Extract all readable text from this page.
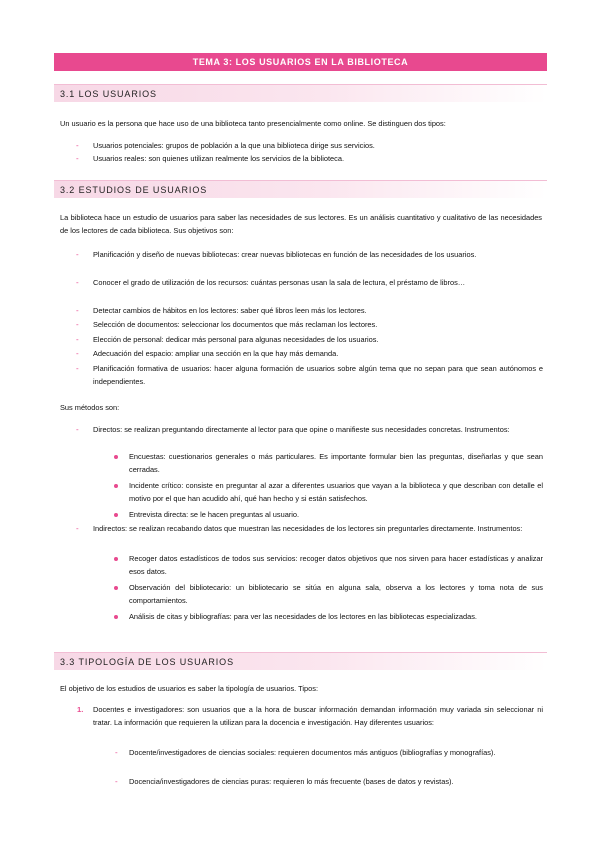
TEMA 3: LOS USUARIOS EN LA BIBLIOTECA
3.1 LOS USUARIOS
Un usuario es la persona que hace uso de una biblioteca tanto presencialmente como online. Se distinguen dos tipos:
- Usuarios potenciales: grupos de población a la que una biblioteca dirige sus servicios.
- Usuarios reales: son quienes utilizan realmente los servicios de la biblioteca.
3.2 ESTUDIOS DE USUARIOS
La biblioteca hace un estudio de usuarios para saber las necesidades de sus lectores. Es un análisis cuantitativo y cualitativo de las necesidades de los lectores de cada biblioteca. Sus objetivos son:
- Planificación y diseño de nuevas bibliotecas: crear nuevas bibliotecas en función de las necesidades de los usuarios.
- Conocer el grado de utilización de los recursos: cuántas personas usan la sala de lectura, el préstamo de libros…
- Detectar cambios de hábitos en los lectores: saber qué libros leen más los lectores.
- Selección de documentos: seleccionar los documentos que más reclaman los lectores.
- Elección de personal: dedicar más personal para algunas necesidades de los usuarios.
- Adecuación del espacio: ampliar una sección en la que hay más demanda.
- Planificación formativa de usuarios: hacer alguna formación de usuarios sobre algún tema que no sepan para que sean autónomos e independientes.
Sus métodos son:
- Directos: se realizan preguntando directamente al lector para que opine o manifieste sus necesidades concretas. Instrumentos:
Encuestas: cuestionarios generales o más particulares. Es importante formular bien las preguntas, diseñarlas y que sean cerradas.
Incidente crítico: consiste en preguntar al azar a diferentes usuarios que vayan a la biblioteca y que describan con detalle el motivo por el que han acudido ahí, qué han hecho y si están satisfechos.
Entrevista directa: se le hacen preguntas al usuario.
- Indirectos: se realizan recabando datos que muestran las necesidades de los lectores sin preguntarles directamente. Instrumentos:
Recoger datos estadísticos de todos sus servicios: recoger datos objetivos que nos sirven para hacer estadísticas y analizar esos datos.
Observación del bibliotecario: un bibliotecario se sitúa en alguna sala, observa a los lectores y toma nota de sus comportamientos.
Análisis de citas y bibliografías: para ver las necesidades de los lectores en las bibliotecas especializadas.
3.3 TIPOLOGÍA DE LOS USUARIOS
El objetivo de los estudios de usuarios es saber la tipología de usuarios. Tipos:
1. Docentes e investigadores: son usuarios que a la hora de buscar información demandan información muy variada sin seleccionar ni tratar. La información que requieren la utilizan para la docencia e investigación. Hay diferentes usuarios:
- Docente/investigadores de ciencias sociales: requieren documentos más antiguos (bibliografías y monografías).
- Docencia/investigadores de ciencias puras: requieren lo más frecuente (bases de datos y revistas).
